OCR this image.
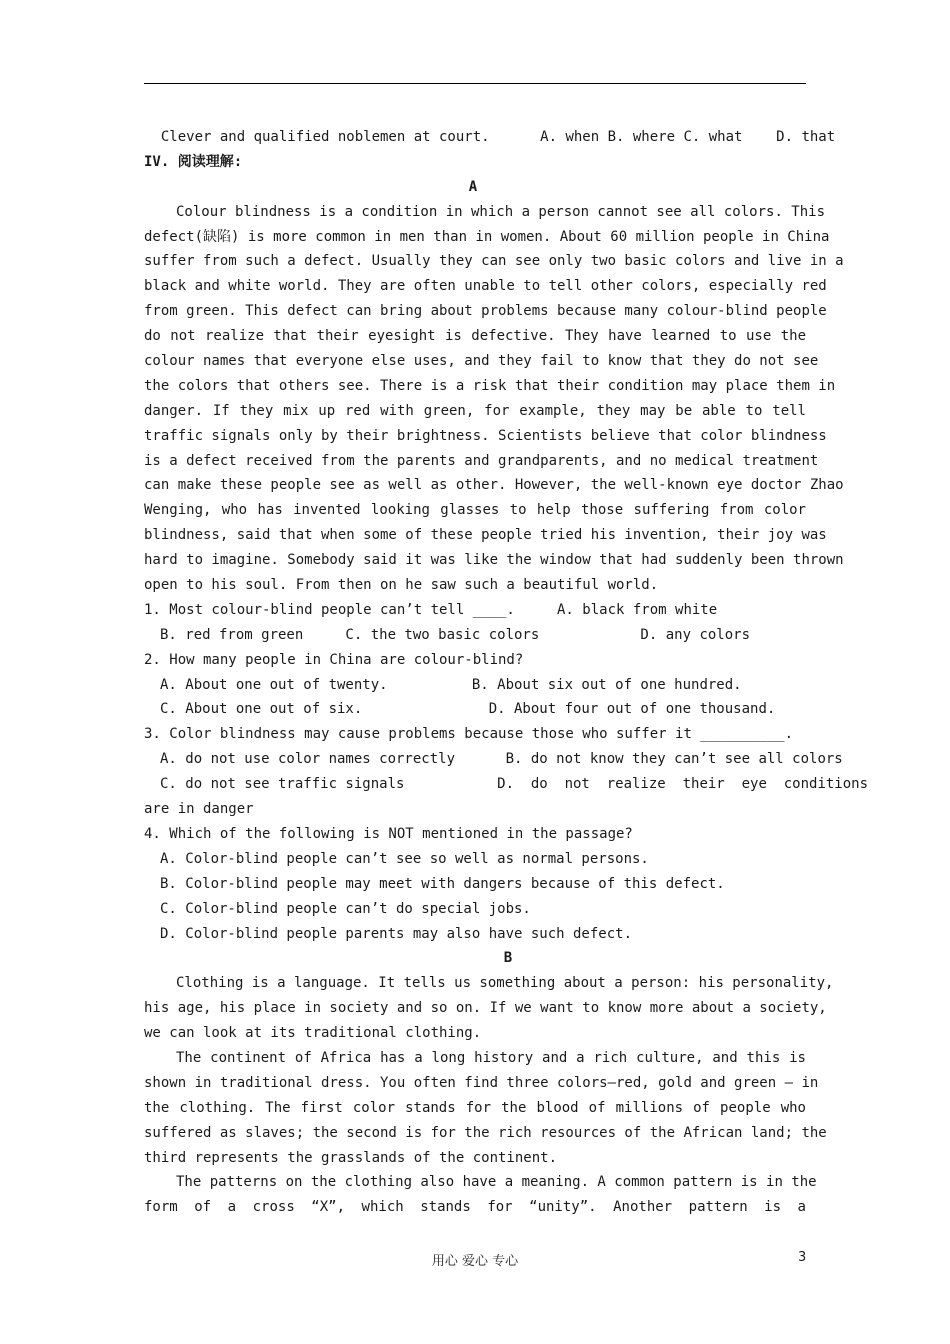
Clever and qualified noblemen at court.	A. when B. where C. what    D. that
IV. 阅读理解:
A
Colour blindness is a condition in which a person cannot see all colors. This
defect(缺陷) is more common in men than in women. About 60 million people in China
suffer from such a defect. Usually they can see only two basic colors and live in a
black and white world. They are often unable to tell other colors, especially red
from green. This defect can bring about problems because many colour-blind people
do not realize that their eyesight is defective. They have learned to use the
colour names that everyone else uses, and they fail to know that they do not see
the colors that others see. There is a risk that their condition may place them in
danger. If they mix up red with green, for example, they may be able to tell
traffic signals only by their brightness. Scientists believe that color blindness
is a defect received from the parents and grandparents, and no medical treatment
can make these people see as well as other. However, the well-known eye doctor Zhao
Wenging, who has invented looking glasses to help those suffering from color
blindness, said that when some of these people tried his invention, their joy was
hard to imagine. Somebody said it was like the window that had suddenly been thrown
open to his soul. From then on he saw such a beautiful world.
1. Most colour-blind people can’t tell ____.     A. black from white
B. red from green     C. the two basic colors            D. any colors
2. How many people in China are colour-blind?
A. About one out of twenty.          B. About six out of one hundred.
C. About one out of six.               D. About four out of one thousand.
3. Color blindness may cause problems because those who suffer it __________.
A. do not use color names correctly      B. do not know they can’t see all colors
C. do not see traffic signals           D.  do  not  realize  their  eye  conditions
are in danger
4. Which of the following is NOT mentioned in the passage?
A. Color-blind people can’t see so well as normal persons.
B. Color-blind people may meet with dangers because of this defect.
C. Color-blind people can’t do special jobs.
D. Color-blind people parents may also have such defect.
B
Clothing is a language. It tells us something about a person: his personality,
his age, his place in society and so on. If we want to know more about a society,
we can look at its traditional clothing.
The continent of Africa has a long history and a rich culture, and this is
shown in traditional dress. You often find three colors—red, gold and green – in
the clothing. The first color stands for the blood of millions of people who
suffered as slaves; the second is for the rich resources of the African land; the
third represents the grasslands of the continent.
The patterns on the clothing also have a meaning. A common pattern is in the
form of a cross “X”, which stands for “unity”. Another pattern is a
用心 爱心 专心	3
